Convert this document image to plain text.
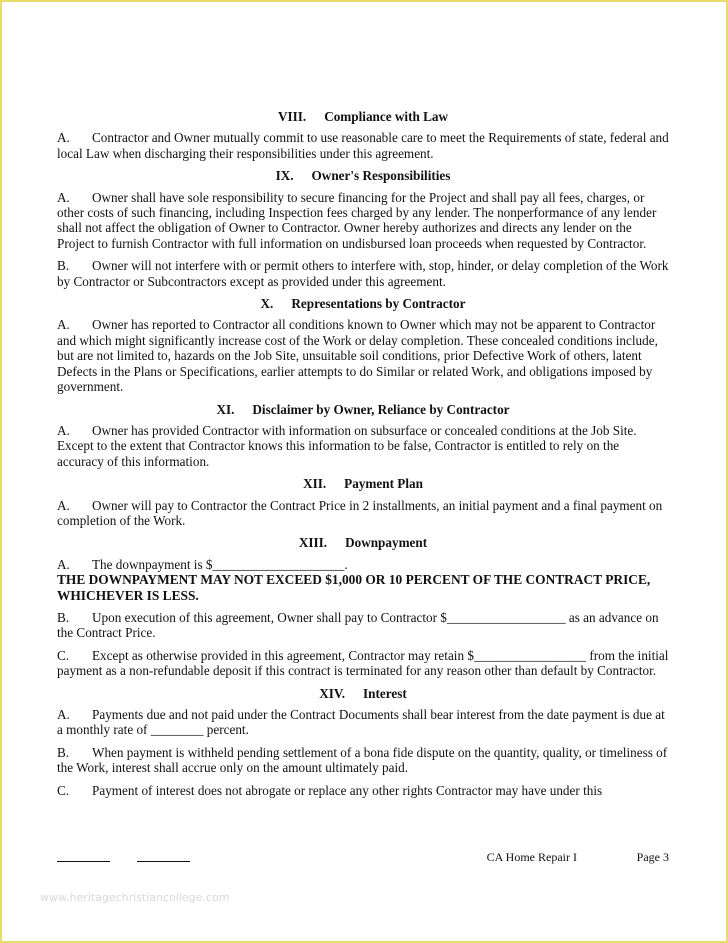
VIII. Compliance with Law

A. Contractor and Owner mutually commit to use reasonable care to meet the Requirements of state, federal and local Law when discharging their responsibilities under this agreement.

IX. Owner's Responsibilities

A. Owner shall have sole responsibility to secure financing for the Project and shall pay all fees, charges, or other costs of such financing, including Inspection fees charged by any lender. The nonperformance of any lender shall not affect the obligation of Owner to Contractor. Owner hereby authorizes and directs any lender on the Project to furnish Contractor with full information on undisbursed loan proceeds when requested by Contractor.

B. Owner will not interfere with or permit others to interfere with, stop, hinder, or delay completion of the Work by Contractor or Subcontractors except as provided under this agreement.

X. Representations by Contractor

A. Owner has reported to Contractor all conditions known to Owner which may not be apparent to Contractor and which might significantly increase cost of the Work or delay completion. These concealed conditions include, but are not limited to, hazards on the Job Site, unsuitable soil conditions, prior Defective Work of others, latent Defects in the Plans or Specifications, earlier attempts to do Similar or related Work, and obligations imposed by government.

XI. Disclaimer by Owner, Reliance by Contractor

A. Owner has provided Contractor with information on subsurface or concealed conditions at the Job Site. Except to the extent that Contractor knows this information to be false, Contractor is entitled to rely on the accuracy of this information.

XII. Payment Plan

A. Owner will pay to Contractor the Contract Price in 2 installments, an initial payment and a final payment on completion of the Work.

XIII. Downpayment

A. The downpayment is $____________________.

THE DOWNPAYMENT MAY NOT EXCEED $1,000 OR 10 PERCENT OF THE CONTRACT PRICE, WHICHEVER IS LESS.

B. Upon execution of this agreement, Owner shall pay to Contractor $__________________ as an advance on the Contract Price.

C. Except as otherwise provided in this agreement, Contractor may retain $_________________ from the initial payment as a non-refundable deposit if this contract is terminated for any reason other than default by Contractor.

XIV. Interest

A. Payments due and not paid under the Contract Documents shall bear interest from the date payment is due at a monthly rate of ________ percent.

B. When payment is withheld pending settlement of a bona fide dispute on the quantity, quality, or timeliness of the Work, interest shall accrue only on the amount ultimately paid.

C. Payment of interest does not abrogate or replace any other rights Contractor may have under this

CA Home Repair I	Page 3
www.heritagechristiancollege.com
